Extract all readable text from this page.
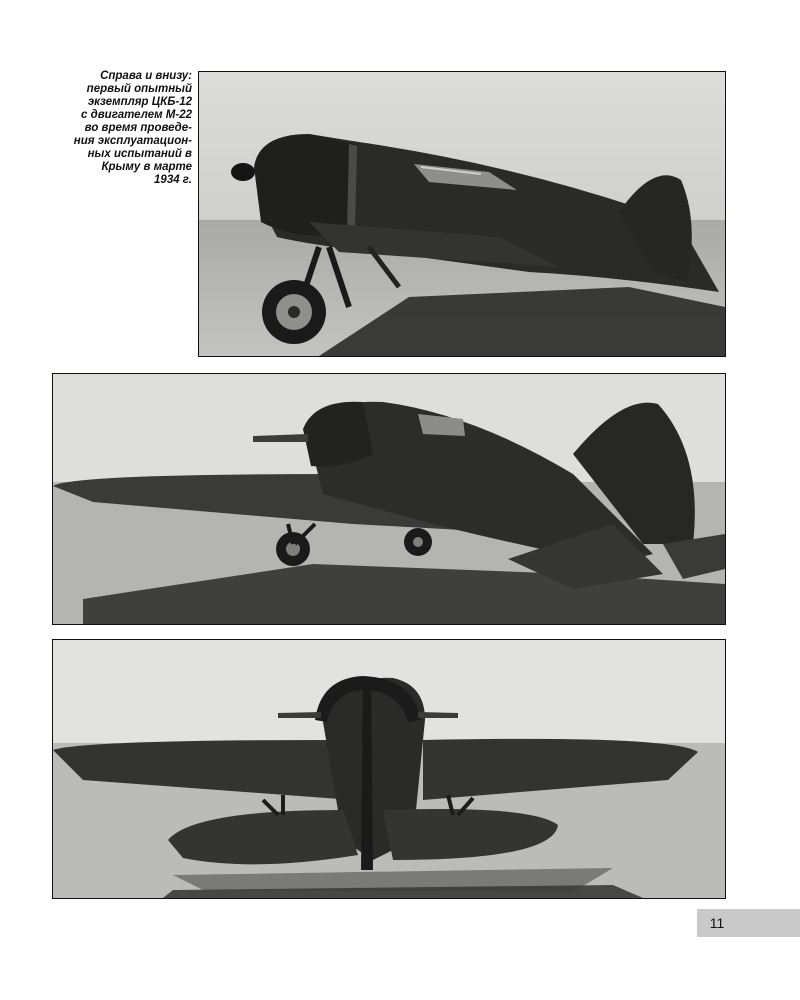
Справа и внизу:
первый опытный
экземпляр ЦКБ-12
с двигателем М-22
во время проведе-
ния эксплуатацион-
ных испытаний в
Крыму в марте
1934 г.
11
